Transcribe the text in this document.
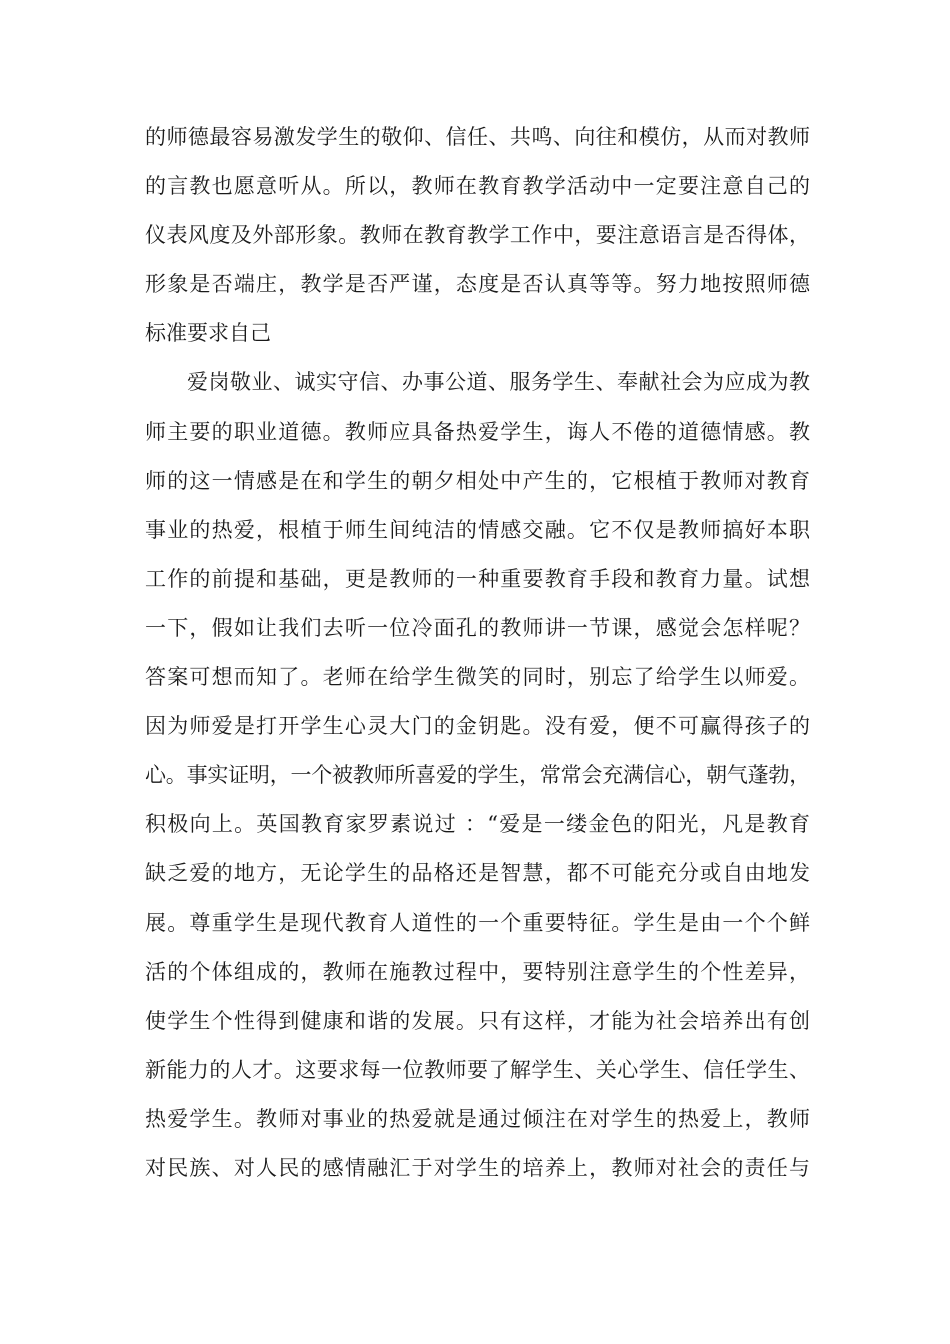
的师德最容易激发学生的敬仰、信任、共鸣、向往和模仿，从而对教师
的言教也愿意听从。所以，教师在教育教学活动中一定要注意自己的
仪表风度及外部形象。教师在教育教学工作中，要注意语言是否得体，
形象是否端庄，教学是否严谨，态度是否认真等等。努力地按照师德
标准要求自己
爱岗敬业、诚实守信、办事公道、服务学生、奉献社会为应成为教
师主要的职业道德。教师应具备热爱学生，诲人不倦的道德情感。教
师的这一情感是在和学生的朝夕相处中产生的，它根植于教师对教育
事业的热爱，根植于师生间纯洁的情感交融。它不仅是教师搞好本职
工作的前提和基础，更是教师的一种重要教育手段和教育力量。试想
一下，假如让我们去听一位冷面孔的教师讲一节课，感觉会怎样呢？
答案可想而知了。老师在给学生微笑的同时，别忘了给学生以师爱。
因为师爱是打开学生心灵大门的金钥匙。没有爱，便不可赢得孩子的
心。事实证明，一个被教师所喜爱的学生，常常会充满信心，朝气蓬勃，
积极向上。英国教育家罗素说过 ：“爱是一缕金色的阳光，凡是教育
缺乏爱的地方，无论学生的品格还是智慧，都不可能充分或自由地发
展。尊重学生是现代教育人道性的一个重要特征。学生是由一个个鲜
活的个体组成的，教师在施教过程中，要特别注意学生的个性差异，
使学生个性得到健康和谐的发展。只有这样，才能为社会培养出有创
新能力的人才。这要求每一位教师要了解学生、关心学生、信任学生、
热爱学生。教师对事业的热爱就是通过倾注在对学生的热爱上，教师
对民族、对人民的感情融汇于对学生的培养上，教师对社会的责任与
